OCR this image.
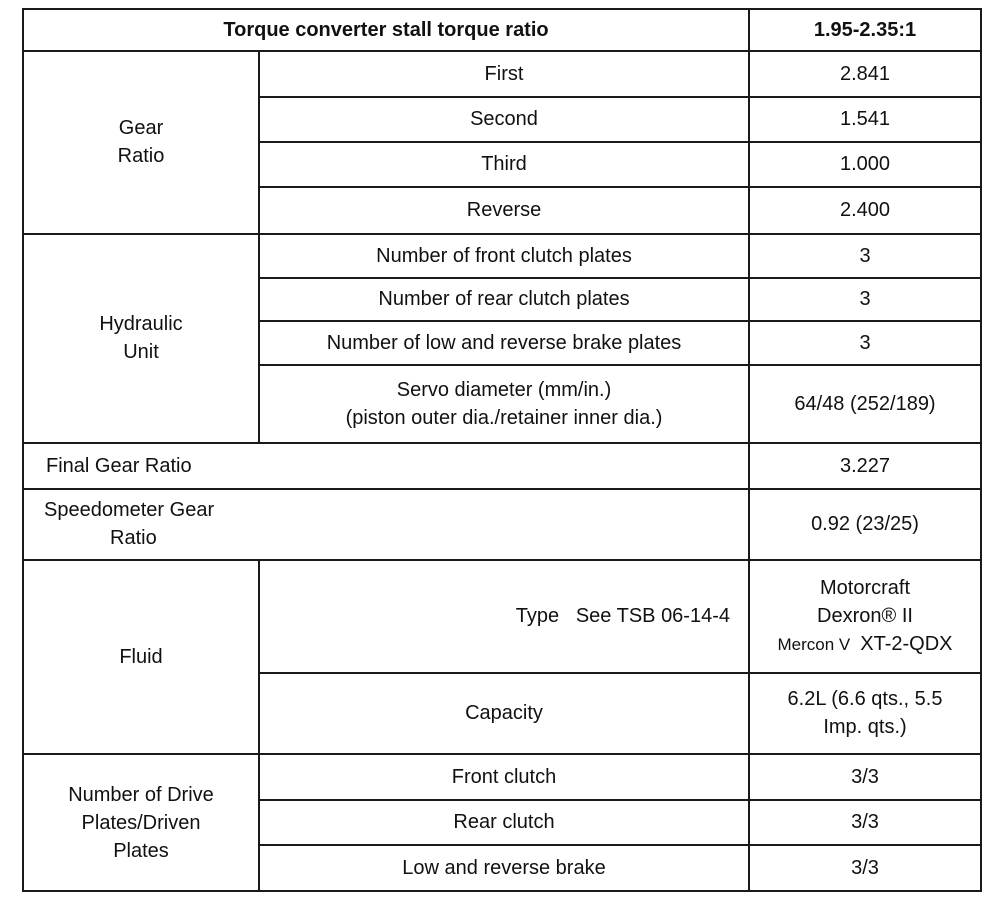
Torque converter stall torque ratio		1.95-2.35:1

Gear
Ratio	First	2.841
	Second	1.541
	Third	1.000
	Reverse	2.400

Hydraulic
Unit	Number of front clutch plates	3
	Number of rear clutch plates	3
	Number of low and reverse brake plates	3

	Servo diameter (mm/in.)
(piston outer dia./retainer inner dia.)	64/48 (252/189)
Final Gear Ratio		3.227

Speedometer Gear
Ratio		0.92 (23/25)
Fluid	Type See TSB 06-14-4	Motorcraft
Dexron® II
Mercon V XT-2-QDX

	Capacity	6.2L (6.6 qts., 5.5
Imp. qts.)

Number of Drive
Plates/Driven
Plates	Front clutch	3/3
	Rear clutch	3/3
	Low and reverse brake	3/3
